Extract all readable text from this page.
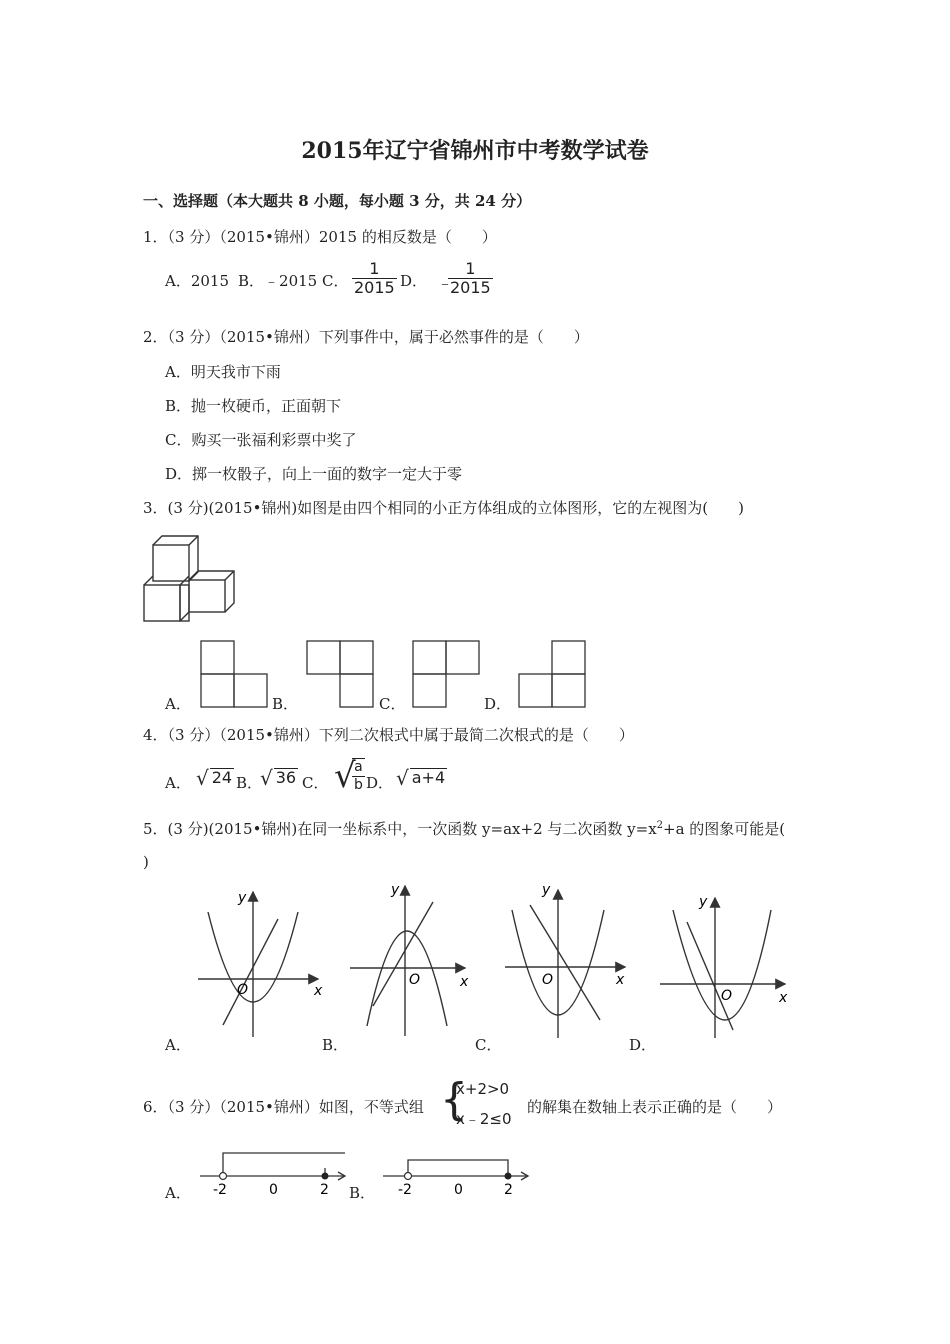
2015年辽宁省锦州市中考数学试卷
一、选择题（本大题共 8 小题，每小题 3 分，共 24 分）
1．（3 分）（2015•锦州）2015 的相反数是（　　）
A．2015 B．﹣2015 C． $\frac{1}{2015}$ D． ﹣
$\frac{1}{2015}$
2．（3 分）（2015•锦州）下列事件中，属于必然事件的是（　　）
A．明天我市下雨
B．抛一枚硬币，正面朝下
C．购买一张福利彩票中奖了
D．掷一枚骰子，向上一面的数字一定大于零
3．(3 分)(2015•锦州)如图是由四个相同的小正方体组成的立体图形，它的左视图为(　　)
A．	B．	C．	D．
4．（3 分）（2015•锦州）下列二次根式中属于最简二次根式的是（　　）
A． √ 24 B．
√ 36 C． √
$\frac{a}{b}$ D． √ a+4
5．(3 分)(2015•锦州)在同一坐标系中，一次函数 y=ax+2 与二次函数 $y=x^2+a$ 的图象可能是(
)
x
y
O	x
y
O	x
y
O
x
y
O
A．	B．	C．	D．
6．（3 分）（2015•锦州）如图，不等式组 {
x+2>0
x﹣2≤0
的解集在数轴上表示正确的是（　　）
A． -2	0	2 B． -2	0	2
